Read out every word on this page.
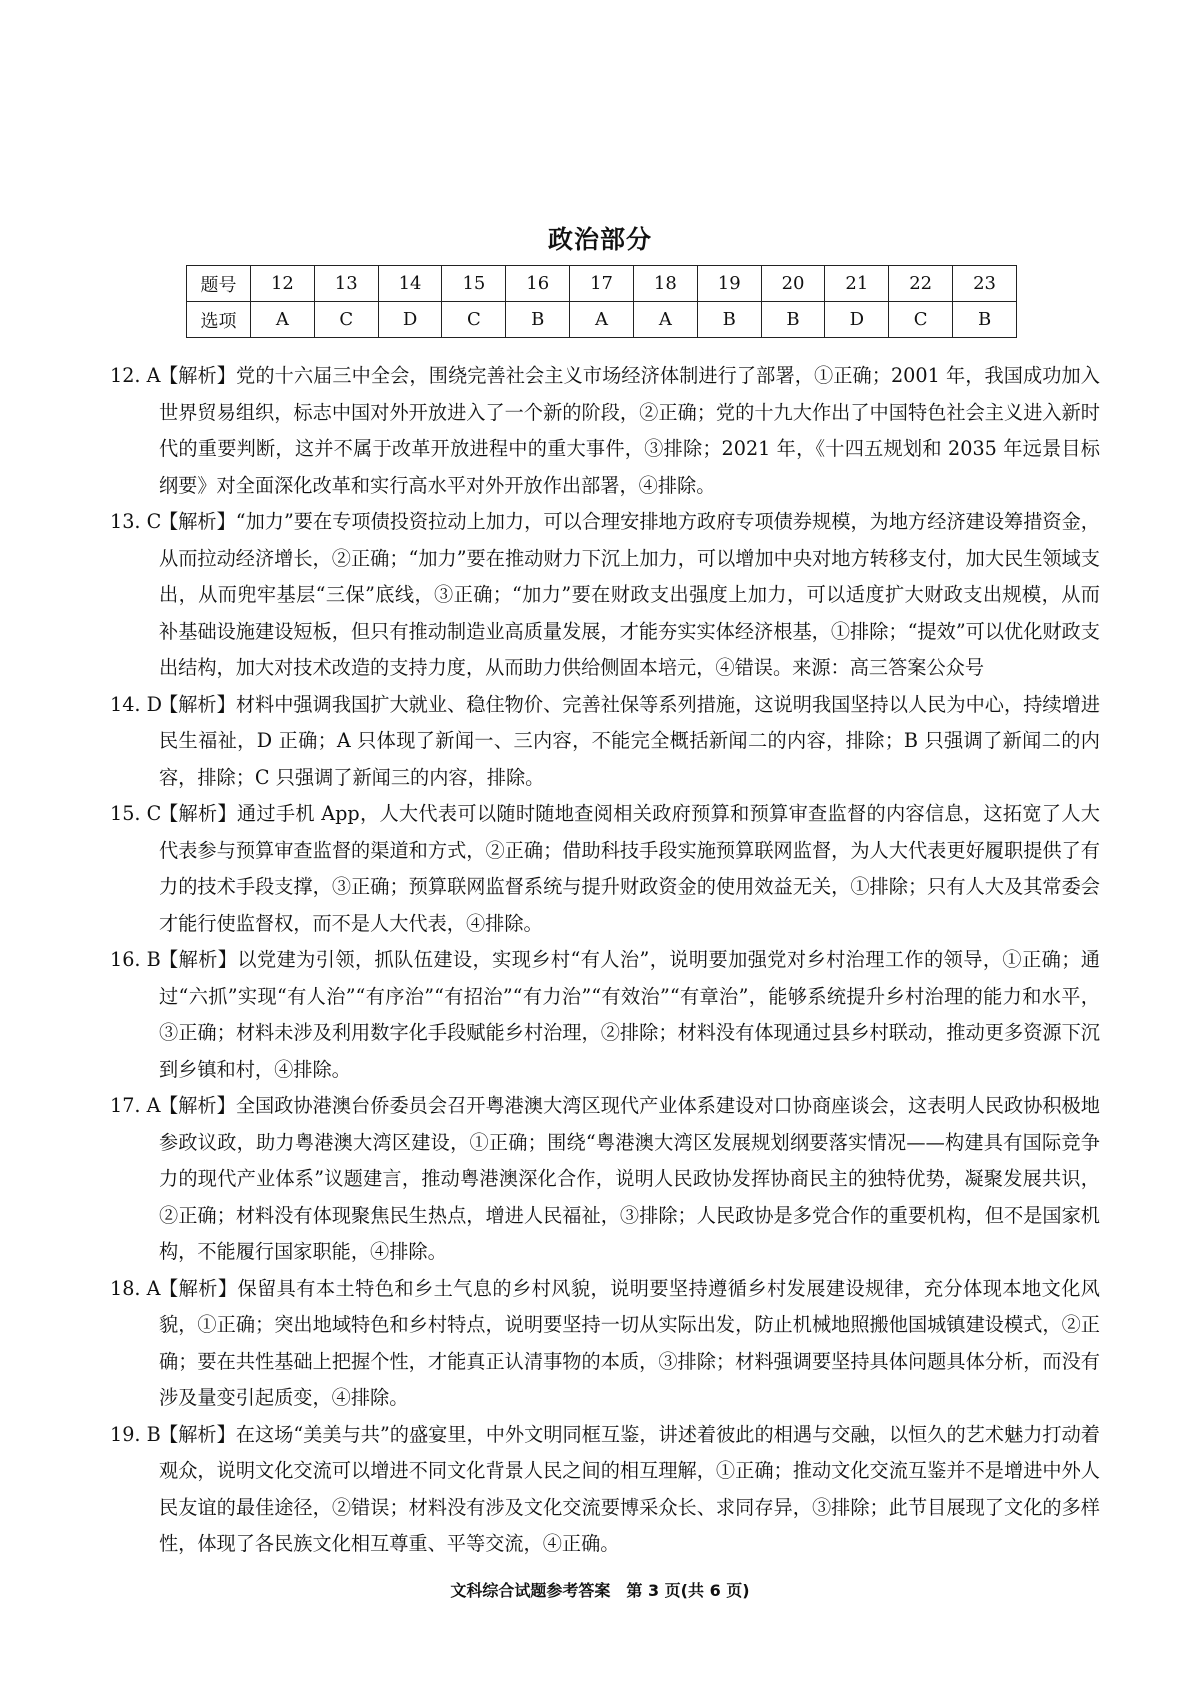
政治部分
题号	12	13	14	15	16	17	18	19	20	21	22	23
选项	A	C	D	C	B	A	A	B	B	D	C	B
12. A
【解析】党的十六届三中全会，围绕完善社会主义市场经济体制进行了部署，①正确；2001 年，我国成功加入世界贸易组织，标志中国对外开放进入了一个新的阶段，②正确；党的十九大作出了中国特色社会主义进入新时代的重要判断，这并不属于改革开放进程中的重大事件，③排除；2021 年，《十四五规划和 2035 年远景目标纲要》对全面深化改革和实行高水平对外开放作出部署，④排除。
13. C
【解析】“加力”要在专项债投资拉动上加力，可以合理安排地方政府专项债券规模，为地方经济建设筹措资金，从而拉动经济增长，②正确；“加力”要在推动财力下沉上加力，可以增加中央对地方转移支付，加大民生领域支出，从而兜牢基层“三保”底线，③正确；“加力”要在财政支出强度上加力，可以适度扩大财政支出规模，从而补基础设施建设短板，但只有推动制造业高质量发展，才能夯实实体经济根基，①排除；“提效”可以优化财政支出结构，加大对技术改造的支持力度，从而助力供给侧固本培元，④错误。来源：高三答案公众号
14. D
【解析】材料中强调我国扩大就业、稳住物价、完善社保等系列措施，这说明我国坚持以人民为中心，持续增进民生福祉，D 正确；A 只体现了新闻一、三内容，不能完全概括新闻二的内容，排除；B 只强调了新闻二的内容，排除；C 只强调了新闻三的内容，排除。
15. C
【解析】通过手机 App，人大代表可以随时随地查阅相关政府预算和预算审查监督的内容信息，这拓宽了人大代表参与预算审查监督的渠道和方式，②正确；借助科技手段实施预算联网监督，为人大代表更好履职提供了有力的技术手段支撑，③正确；预算联网监督系统与提升财政资金的使用效益无关，①排除；只有人大及其常委会才能行使监督权，而不是人大代表，④排除。
16. B
【解析】以党建为引领，抓队伍建设，实现乡村“有人治”，说明要加强党对乡村治理工作的领导，①正确；通过“六抓”实现“有人治”“有序治”“有招治”“有力治”“有效治”“有章治”，能够系统提升乡村治理的能力和水平，③正确；材料未涉及利用数字化手段赋能乡村治理，②排除；材料没有体现通过县乡村联动，推动更多资源下沉到乡镇和村，④排除。
17. A
【解析】全国政协港澳台侨委员会召开粤港澳大湾区现代产业体系建设对口协商座谈会，这表明人民政协积极地参政议政，助力粤港澳大湾区建设，①正确；围绕“粤港澳大湾区发展规划纲要落实情况——构建具有国际竞争力的现代产业体系”议题建言，推动粤港澳深化合作，说明人民政协发挥协商民主的独特优势，凝聚发展共识，②正确；材料没有体现聚焦民生热点，增进人民福祉，③排除；人民政协是多党合作的重要机构，但不是国家机构，不能履行国家职能，④排除。
18. A
【解析】保留具有本土特色和乡土气息的乡村风貌，说明要坚持遵循乡村发展建设规律，充分体现本地文化风貌，①正确；突出地域特色和乡村特点，说明要坚持一切从实际出发，防止机械地照搬他国城镇建设模式，②正确；要在共性基础上把握个性，才能真正认清事物的本质，③排除；材料强调要坚持具体问题具体分析，而没有涉及量变引起质变，④排除。
19. B
【解析】在这场“美美与共”的盛宴里，中外文明同框互鉴，讲述着彼此的相遇与交融，以恒久的艺术魅力打动着观众，说明文化交流可以增进不同文化背景人民之间的相互理解，①正确；推动文化交流互鉴并不是增进中外人民友谊的最佳途径，②错误；材料没有涉及文化交流要博采众长、求同存异，③排除；此节目展现了文化的多样性，体现了各民族文化相互尊重、平等交流，④正确。
文科综合试题参考答案　第 3 页(共 6 页)
